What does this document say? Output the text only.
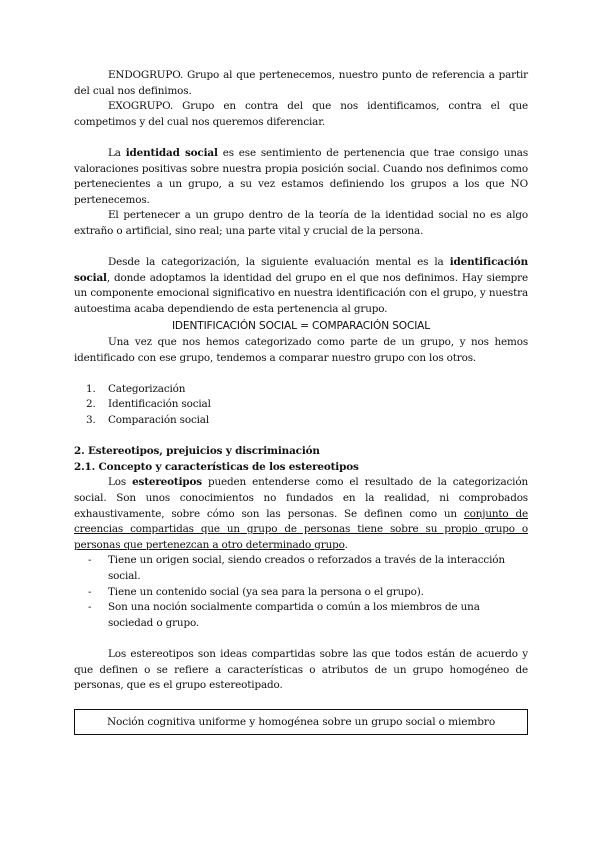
ENDOGRUPO. Grupo al que pertenecemos, nuestro punto de referencia a partir del cual nos definimos.

EXOGRUPO. Grupo en contra del que nos identificamos, contra el que competimos y del cual nos queremos diferenciar.

La identidad social es ese sentimiento de pertenencia que trae consigo unas valoraciones positivas sobre nuestra propia posición social. Cuando nos definimos como pertenecientes a un grupo, a su vez estamos definiendo los grupos a los que NO pertenecemos.

El pertenecer a un grupo dentro de la teoría de la identidad social no es algo extraño o artificial, sino real; una parte vital y crucial de la persona.

Desde la categorización, la siguiente evaluación mental es la identificación social, donde adoptamos la identidad del grupo en el que nos definimos. Hay siempre un componente emocional significativo en nuestra identificación con el grupo, y nuestra autoestima acaba dependiendo de esta pertenencia al grupo.

IDENTIFICACIÓN SOCIAL = COMPARACIÓN SOCIAL

Una vez que nos hemos categorizado como parte de un grupo, y nos hemos identificado con ese grupo, tendemos a comparar nuestro grupo con los otros.

1. Categorización
2. Identificación social
3. Comparación social

2. Estereotipos, prejuicios y discriminación

2.1. Concepto y características de los estereotipos

Los estereotipos pueden entenderse como el resultado de la categorización social. Son unos conocimientos no fundados en la realidad, ni comprobados exhaustivamente, sobre cómo son las personas. Se definen como un conjunto de creencias compartidas que un grupo de personas tiene sobre su propio grupo o personas que pertenezcan a otro determinado grupo.

- Tiene un origen social, siendo creados o reforzados a través de la interacción social.
- Tiene un contenido social (ya sea para la persona o el grupo).
- Son una noción socialmente compartida o común a los miembros de una sociedad o grupo.

Los estereotipos son ideas compartidas sobre las que todos están de acuerdo y que definen o se refiere a características o atributos de un grupo homogéneo de personas, que es el grupo estereotipado.

Noción cognitiva uniforme y homogénea sobre un grupo social o miembro
